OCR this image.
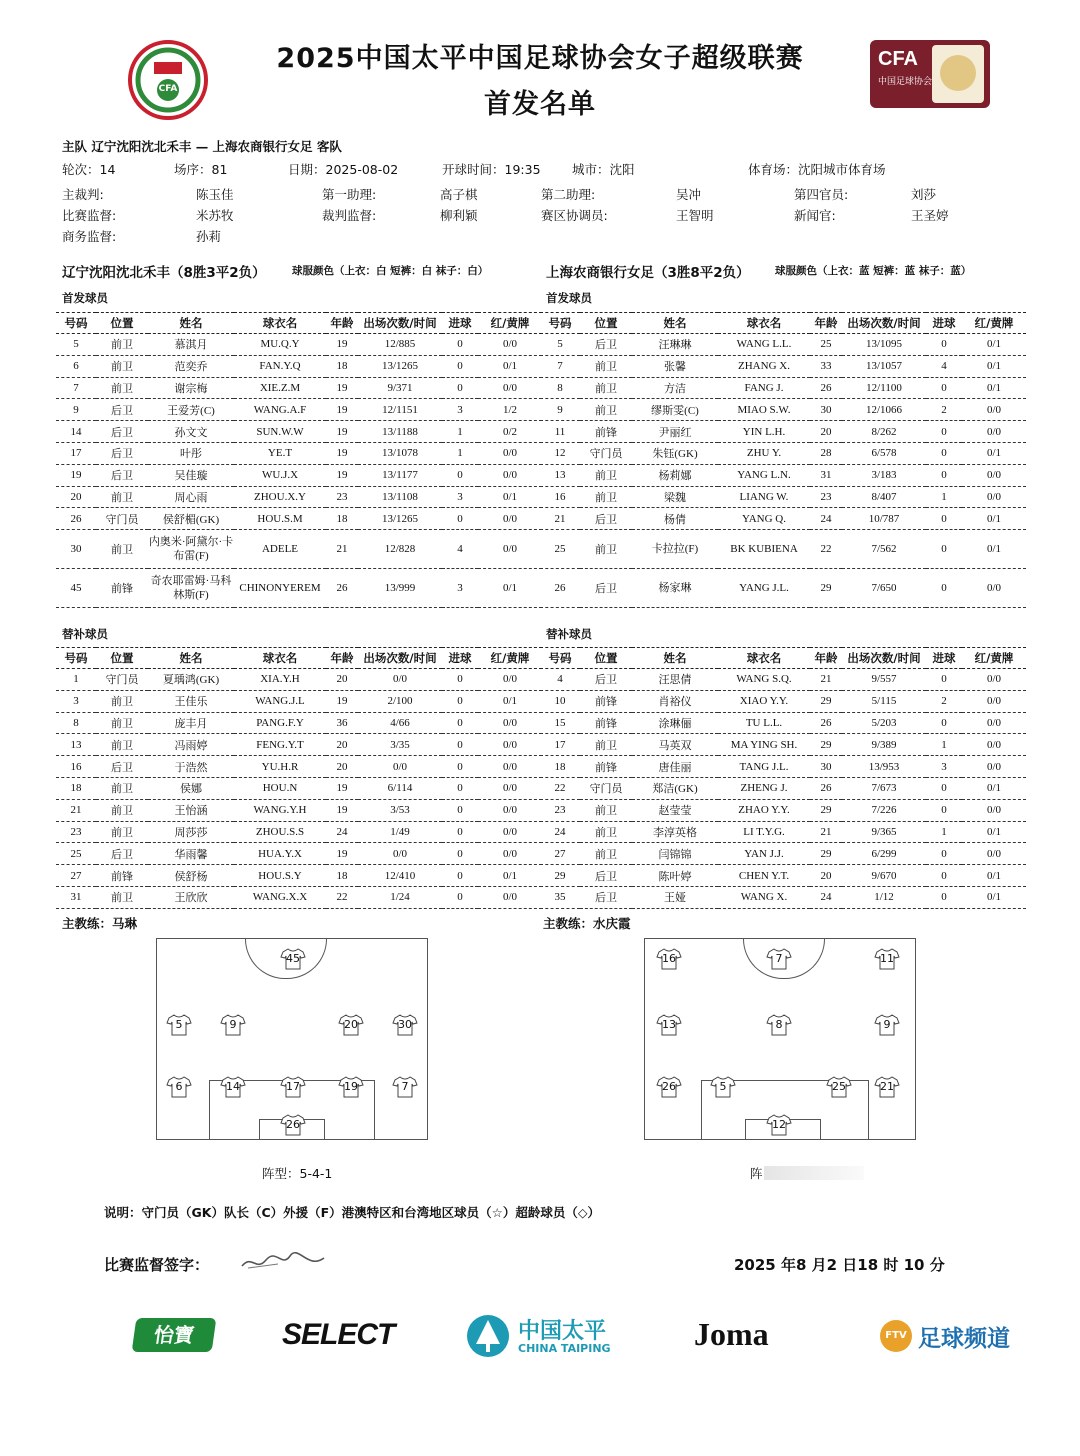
CFA
2025中国太平中国足球协会女子超级联赛
首发名单
CFA
中国足球协会
主队 辽宁沈阳沈北禾丰 — 上海农商银行女足 客队
轮次：14	场序：81	日期：2025-08-02	开球时间：19:35	城市：沈阳	体育场：沈阳城市体育场
主裁判:	陈玉佳	第一助理:	高子棋	第二助理:	吴冲	第四官员:	刘莎
比赛监督:	米苏牧	裁判监督:	柳利颖	赛区协调员:	王智明	新闻官:	王圣婷
商务监督:	孙莉
辽宁沈阳沈北禾丰（8胜3平2负）	球服颜色（上衣：白 短裤：白 袜子：白）	上海农商银行女足（3胜8平2负） 球服颜色（上衣：蓝 短裤：蓝 袜子：蓝）
首发球员	首发球员
号码	位置	姓名	球衣名	年龄	出场次数/时间	进球	红/黄牌
5	前卫	慕淇月	MU.Q.Y	19	12/885	0	0/0
6	前卫	范奕乔	FAN.Y.Q	18	13/1265	0	0/1
7	前卫	谢宗梅	XIE.Z.M	19	9/371	0	0/0
9	后卫	王爱芳(C)	WANG.A.F	19	12/1151	3	1/2
14	后卫	孙文文	SUN.W.W	19	13/1188	1	0/2
17	后卫	叶彤	YE.T	19	13/1078	1	0/0
19	后卫	吴佳璇	WU.J.X	19	13/1177	0	0/0
20	前卫	周心雨	ZHOU.X.Y	23	13/1108	3	0/1
26	守门员	侯舒楣(GK)	HOU.S.M	18	13/1265	0	0/0
30	前卫	内奥米·阿黛尔·卡布雷(F)	ADELE	21	12/828	4	0/0
45	前锋	奇农耶雷姆·马科林斯(F)	CHINONYEREM	26	13/999	3	0/1
号码	位置	姓名	球衣名	年龄	出场次数/时间	进球	红/黄牌
5	后卫	汪琳琳	WANG L.L.	25	13/1095	0	0/1
7	前卫	张馨	ZHANG X.	33	13/1057	4	0/1
8	前卫	方洁	FANG J.	26	12/1100	0	0/1
9	前卫	缪斯雯(C)	MIAO S.W.	30	12/1066	2	0/0
11	前锋	尹丽红	YIN L.H.	20	8/262	0	0/0
12	守门员	朱钰(GK)	ZHU Y.	28	6/578	0	0/1
13	前卫	杨莉娜	YANG L.N.	31	3/183	0	0/0
16	前卫	梁魏	LIANG W.	23	8/407	1	0/0
21	后卫	杨倩	YANG Q.	24	10/787	0	0/1
25	前卫	卡拉拉(F)	BK KUBIENA	22	7/562	0	0/1
26	后卫	杨家琳	YANG J.L.	29	7/650	0	0/0
替补球员	替补球员
号码	位置	姓名	球衣名	年龄	出场次数/时间	进球	红/黄牌
1	守门员	夏瑀鸿(GK)	XIA.Y.H	20	0/0	0	0/0
3	前卫	王佳乐	WANG.J.L	19	2/100	0	0/1
8	前卫	庞丰月	PANG.F.Y	36	4/66	0	0/0
13	前卫	冯雨婷	FENG.Y.T	20	3/35	0	0/0
16	后卫	于浩然	YU.H.R	20	0/0	0	0/0
18	前卫	侯娜	HOU.N	19	6/114	0	0/0
21	前卫	王怡涵	WANG.Y.H	19	3/53	0	0/0
23	前卫	周莎莎	ZHOU.S.S	24	1/49	0	0/0
25	后卫	华雨馨	HUA.Y.X	19	0/0	0	0/0
27	前锋	侯舒杨	HOU.S.Y	18	12/410	0	0/1
31	前卫	王欣欣	WANG.X.X	22	1/24	0	0/0
号码	位置	姓名	球衣名	年龄	出场次数/时间	进球	红/黄牌
4	后卫	汪思倩	WANG S.Q.	21	9/557	0	0/0
10	前锋	肖裕仪	XIAO Y.Y.	29	5/115	2	0/0
15	前锋	涂琳俪	TU L.L.	26	5/203	0	0/0
17	前卫	马英双	MA YING SH.	29	9/389	1	0/0
18	前锋	唐佳丽	TANG J.L.	30	13/953	3	0/0
22	守门员	郑洁(GK)	ZHENG J.	26	7/673	0	0/1
23	前卫	赵莹莹	ZHAO Y.Y.	29	7/226	0	0/0
24	前卫	李淳英格	LI T.Y.G.	21	9/365	1	0/1
27	前卫	闫锦锦	YAN J.J.	29	6/299	0	0/0
29	后卫	陈叶婷	CHEN Y.T.	20	9/670	0	0/1
35	后卫	王娅	WANG X.	24	1/12	0	0/1
主教练：马琳	主教练：水庆霞
45
5	9	20	30
6	14	17	19	7
26
16	7	11
13	8	9
26	5	25	21
12
阵型：5-4-1	阵
说明：守门员（GK）队长（C）外援（F）港澳特区和台湾地区球员（☆）超龄球员（◇）
比赛监督签字：	2025 年8 月2 日18 时 10 分
怡寶	SELECT	中国太平
CHINA TAIPING	Joma	FTV 足球频道
